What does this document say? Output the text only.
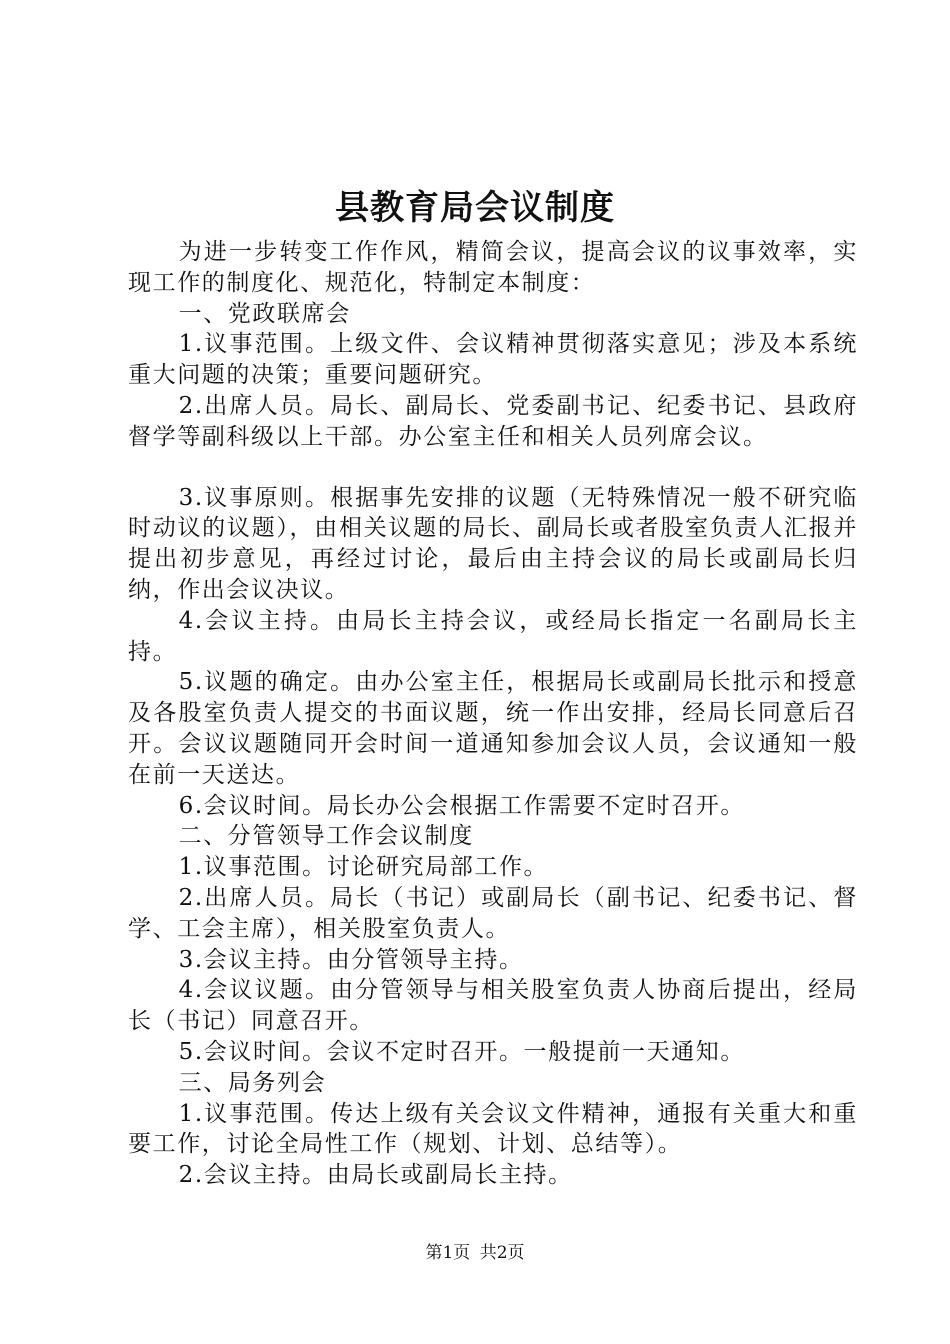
县教育局会议制度

为进一步转变工作作风，精简会议，提高会议的议事效率，实现工作的制度化、规范化，特制定本制度：

一、党政联席会

1.议事范围。上级文件、会议精神贯彻落实意见；涉及本系统重大问题的决策；重要问题研究。

2.出席人员。局长、副局长、党委副书记、纪委书记、县政府督学等副科级以上干部。办公室主任和相关人员列席会议。

3.议事原则。根据事先安排的议题（无特殊情况一般不研究临时动议的议题），由相关议题的局长、副局长或者股室负责人汇报并提出初步意见，再经过讨论，最后由主持会议的局长或副局长归纳，作出会议决议。

4.会议主持。由局长主持会议，或经局长指定一名副局长主持。

5.议题的确定。由办公室主任，根据局长或副局长批示和授意及各股室负责人提交的书面议题，统一作出安排，经局长同意后召开。会议议题随同开会时间一道通知参加会议人员，会议通知一般在前一天送达。

6.会议时间。局长办公会根据工作需要不定时召开。

二、分管领导工作会议制度

1.议事范围。讨论研究局部工作。

2.出席人员。局长（书记）或副局长（副书记、纪委书记、督学、工会主席），相关股室负责人。

3.会议主持。由分管领导主持。

4.会议议题。由分管领导与相关股室负责人协商后提出，经局长（书记）同意召开。

5.会议时间。会议不定时召开。一般提前一天通知。

三、局务列会

1.议事范围。传达上级有关会议文件精神，通报有关重大和重要工作，讨论全局性工作（规划、计划、总结等）。

2.会议主持。由局长或副局长主持。

第1页 共2页
